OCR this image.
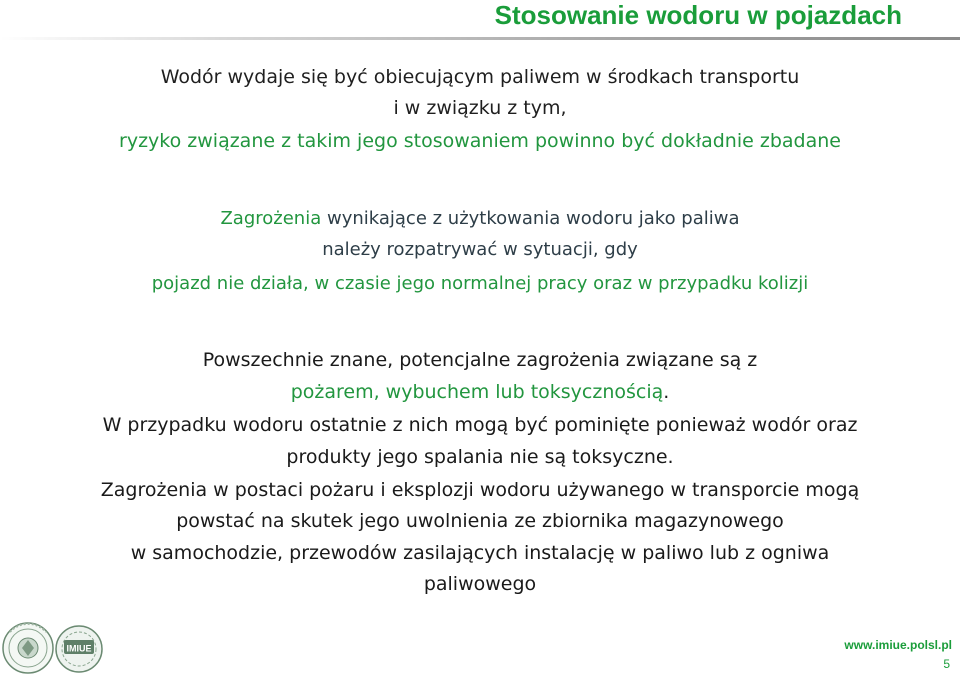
Stosowanie wodoru w pojazdach
Wodór wydaje się być obiecującym paliwem w środkach transportu
i w związku z tym,
ryzyko związane z takim jego stosowaniem powinno być dokładnie zbadane
Zagrożenia wynikające z użytkowania wodoru jako paliwa
należy rozpatrywać w sytuacji, gdy
pojazd nie działa, w czasie jego normalnej pracy oraz w przypadku kolizji
Powszechnie znane, potencjalne zagrożenia związane są z
pożarem, wybuchem lub toksycznością.
W przypadku wodoru ostatnie z nich mogą być pominięte ponieważ wodór oraz
produkty jego spalania nie są toksyczne.
Zagrożenia w postaci pożaru i eksplozji wodoru używanego w transporcie mogą
powstać na skutek jego uwolnienia ze zbiornika magazynowego
w samochodzie, przewodów zasilających instalację w paliwo lub z ogniwa
paliwowego
IMIUE	www.imiue.polsl.pl
5
